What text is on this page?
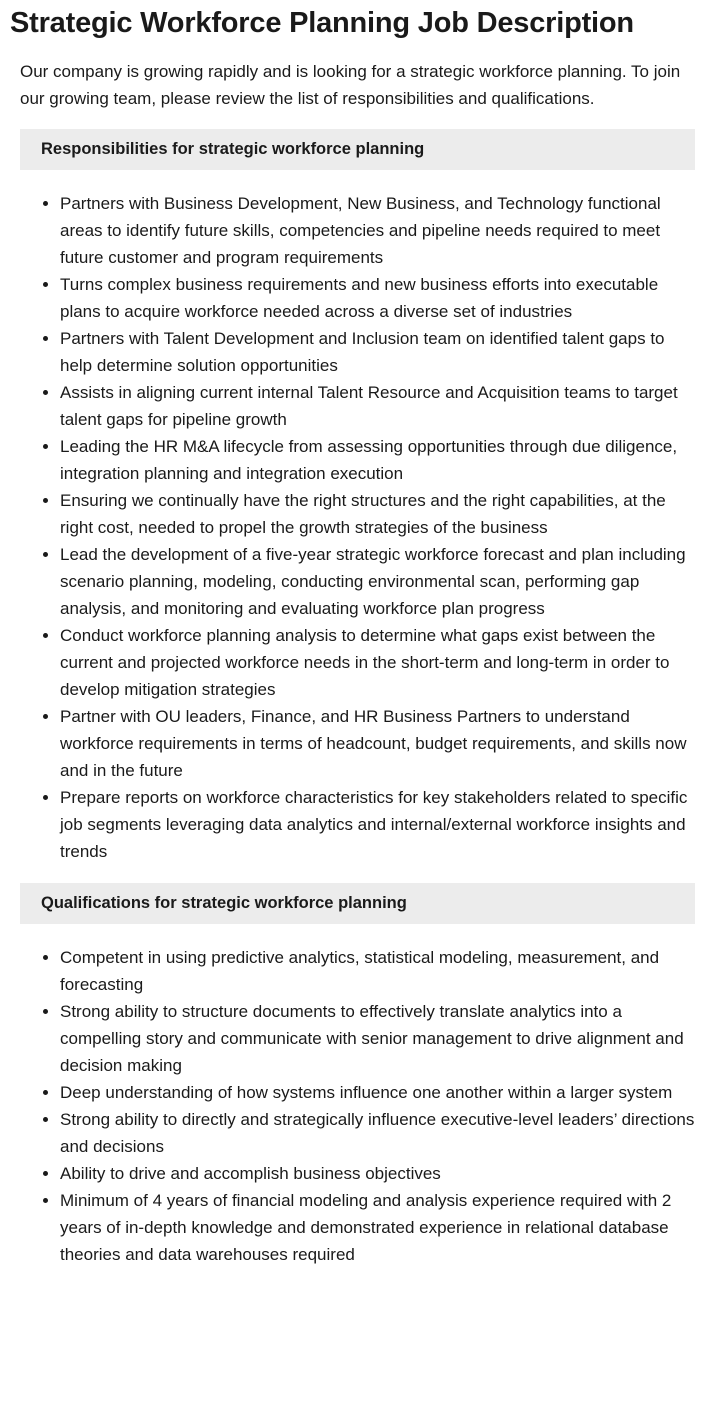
Strategic Workforce Planning Job Description

Our company is growing rapidly and is looking for a strategic workforce planning. To join our growing team, please review the list of responsibilities and qualifications.

Responsibilities for strategic workforce planning
• Partners with Business Development, New Business, and Technology functional areas to identify future skills, competencies and pipeline needs required to meet future customer and program requirements
• Turns complex business requirements and new business efforts into executable plans to acquire workforce needed across a diverse set of industries
• Partners with Talent Development and Inclusion team on identified talent gaps to help determine solution opportunities
• Assists in aligning current internal Talent Resource and Acquisition teams to target talent gaps for pipeline growth
• Leading the HR M&A lifecycle from assessing opportunities through due diligence, integration planning and integration execution
• Ensuring we continually have the right structures and the right capabilities, at the right cost, needed to propel the growth strategies of the business
• Lead the development of a five-year strategic workforce forecast and plan including scenario planning, modeling, conducting environmental scan, performing gap analysis, and monitoring and evaluating workforce plan progress
• Conduct workforce planning analysis to determine what gaps exist between the current and projected workforce needs in the short-term and long-term in order to develop mitigation strategies
• Partner with OU leaders, Finance, and HR Business Partners to understand workforce requirements in terms of headcount, budget requirements, and skills now and in the future
• Prepare reports on workforce characteristics for key stakeholders related to specific job segments leveraging data analytics and internal/external workforce insights and trends
Qualifications for strategic workforce planning
• Competent in using predictive analytics, statistical modeling, measurement, and forecasting
• Strong ability to structure documents to effectively translate analytics into a compelling story and communicate with senior management to drive alignment and decision making
• Deep understanding of how systems influence one another within a larger system
• Strong ability to directly and strategically influence executive-level leaders’ directions and decisions
• Ability to drive and accomplish business objectives
• Minimum of 4 years of financial modeling and analysis experience required with 2 years of in-depth knowledge and demonstrated experience in relational database theories and data warehouses required
